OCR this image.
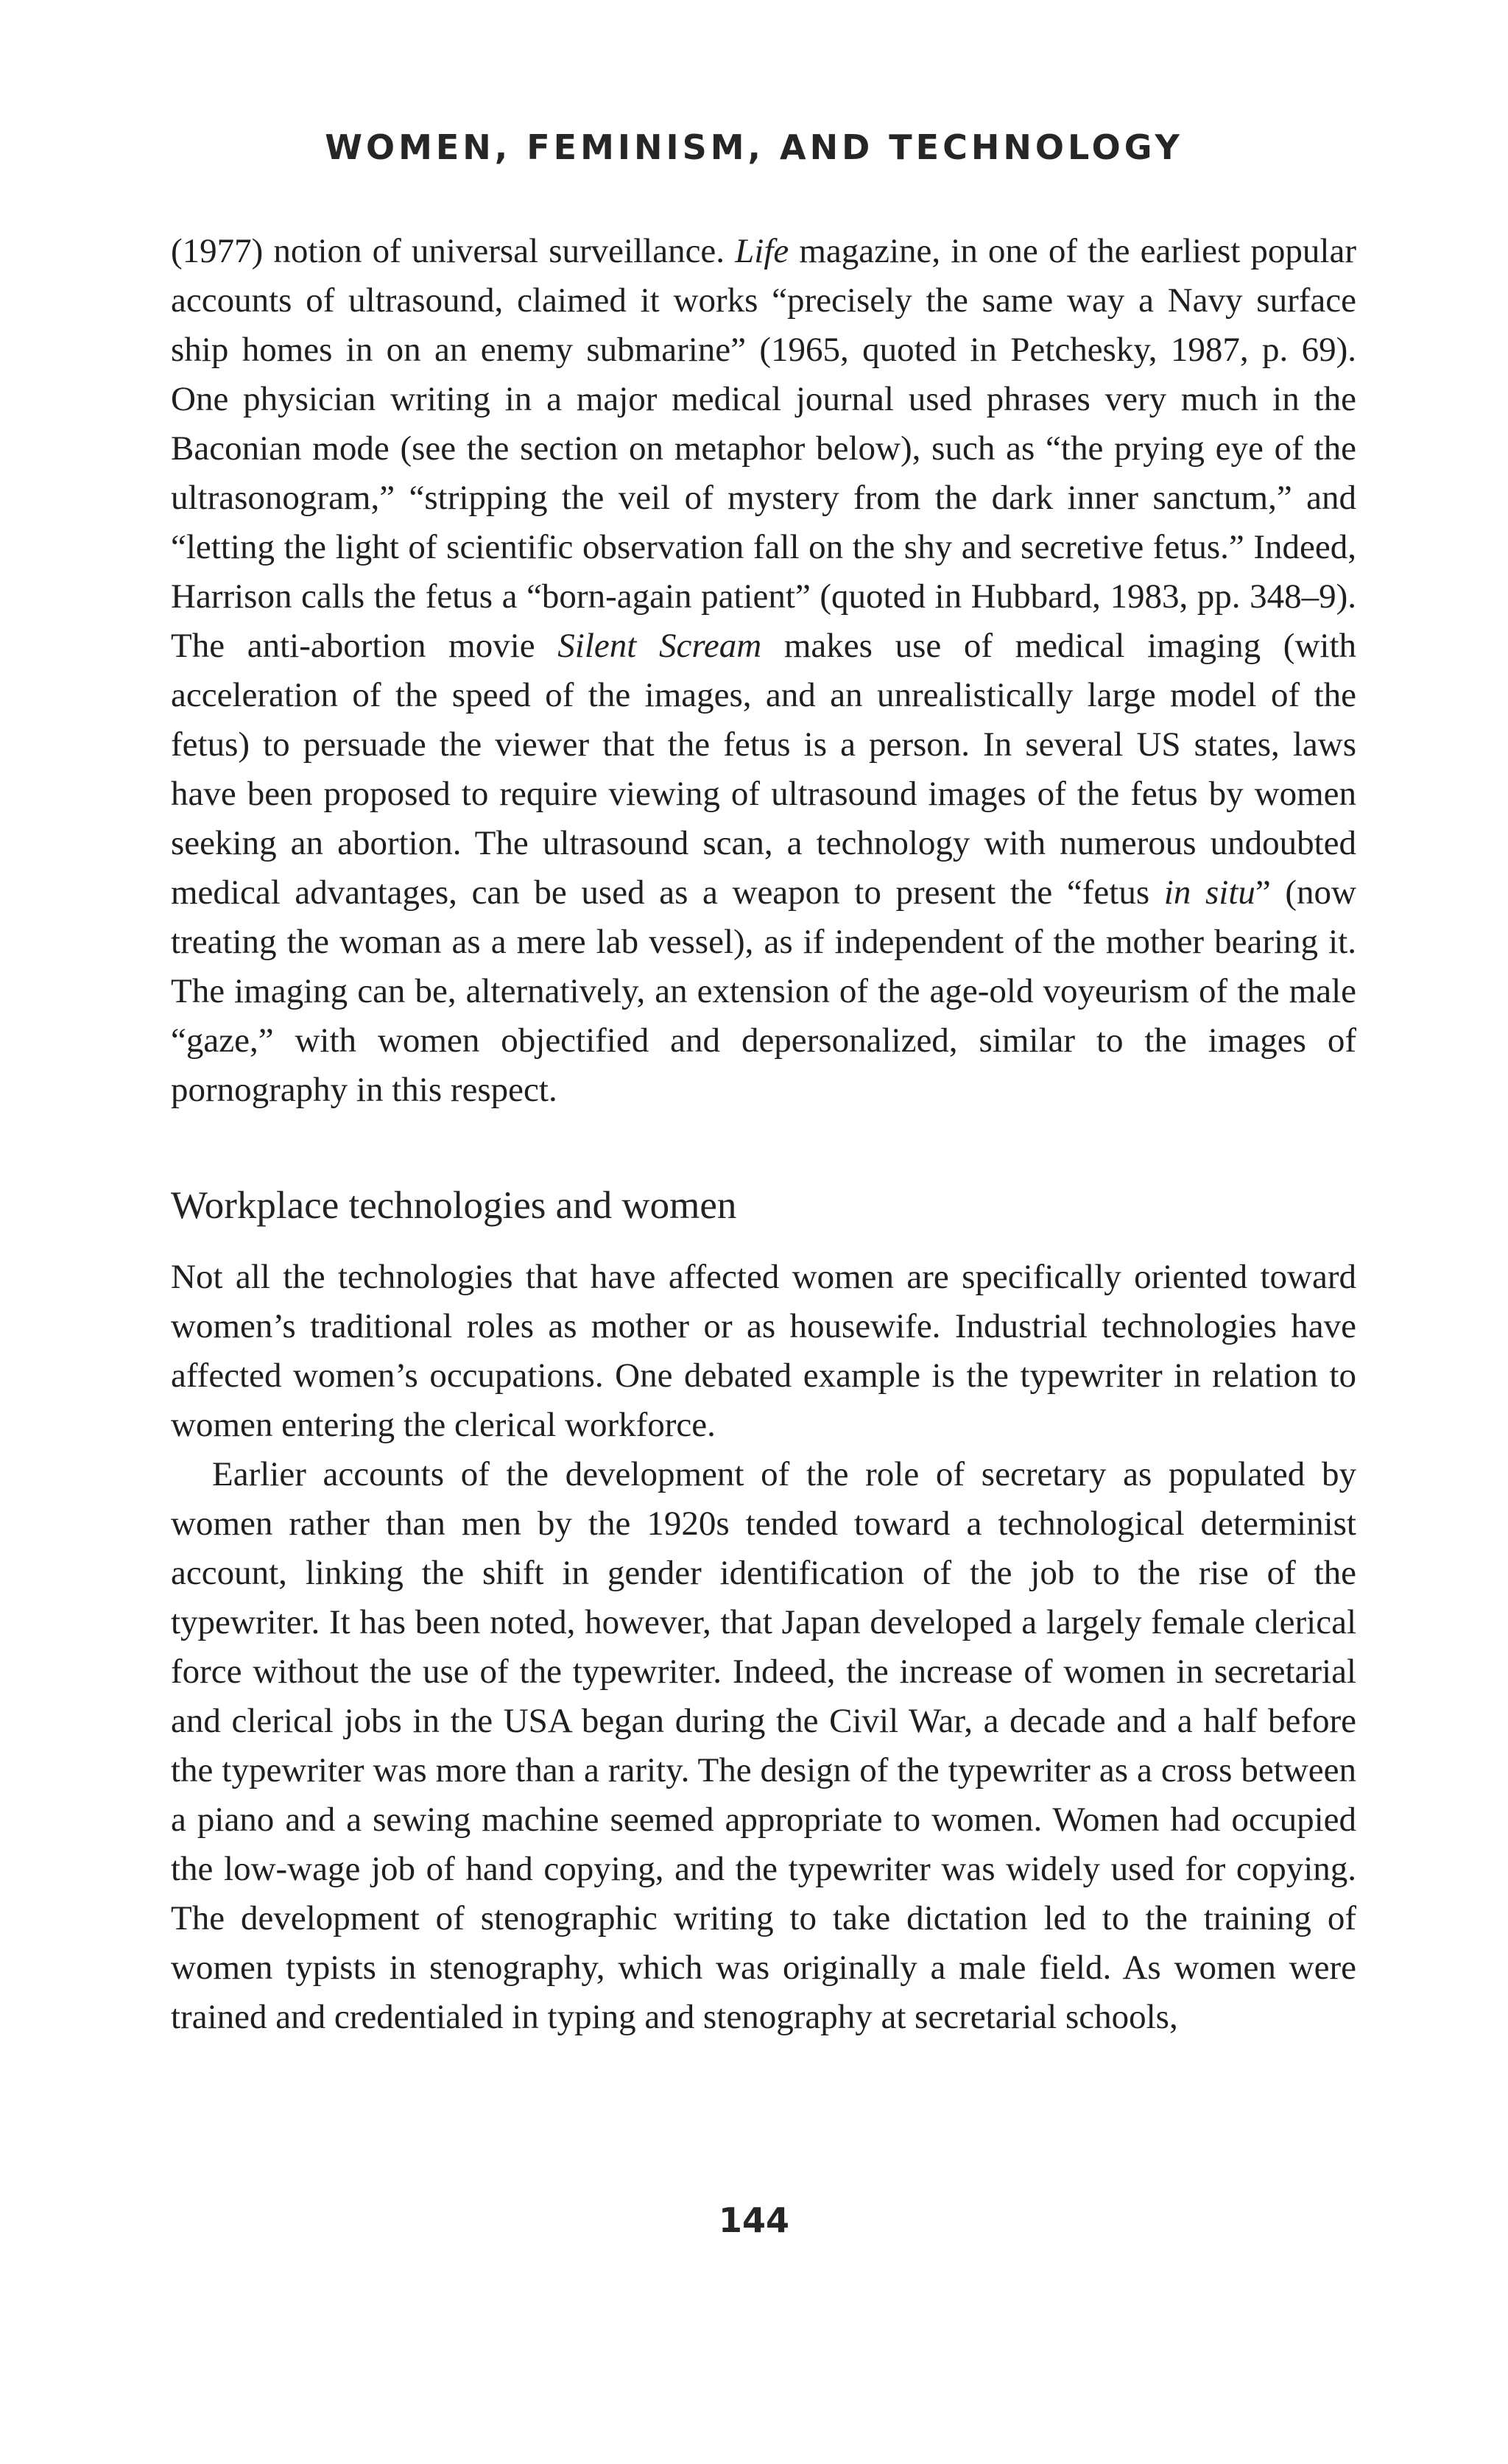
WOMEN, FEMINISM, AND TECHNOLOGY

(1977) notion of universal surveillance. Life magazine, in one of the earliest popular accounts of ultrasound, claimed it works “precisely the same way a Navy surface ship homes in on an enemy submarine” (1965, quoted in Petchesky, 1987, p. 69). One physician writing in a major medical journal used phrases very much in the Baconian mode (see the section on metaphor below), such as “the prying eye of the ultrasonogram,” “stripping the veil of mystery from the dark inner sanctum,” and “letting the light of scientific observation fall on the shy and secretive fetus.” Indeed, Harrison calls the fetus a “born-again patient” (quoted in Hubbard, 1983, pp. 348–9). The anti-abortion movie Silent Scream makes use of medical imaging (with acceleration of the speed of the images, and an unrealistically large model of the fetus) to persuade the viewer that the fetus is a person. In several US states, laws have been proposed to require viewing of ultrasound images of the fetus by women seeking an abortion. The ultrasound scan, a technology with numerous undoubted medical advantages, can be used as a weapon to present the “fetus in situ” (now treating the woman as a mere lab vessel), as if independent of the mother bearing it. The imaging can be, alternatively, an extension of the age-old voyeurism of the male “gaze,” with women objectified and depersonalized, similar to the images of pornography in this respect.

Workplace technologies and women

Not all the technologies that have affected women are specifically oriented toward women’s traditional roles as mother or as housewife. Industrial technologies have affected women’s occupations. One debated example is the typewriter in relation to women entering the clerical workforce.

Earlier accounts of the development of the role of secretary as populated by women rather than men by the 1920s tended toward a technological determinist account, linking the shift in gender identification of the job to the rise of the typewriter. It has been noted, however, that Japan developed a largely female clerical force without the use of the typewriter. Indeed, the increase of women in secretarial and clerical jobs in the USA began during the Civil War, a decade and a half before the typewriter was more than a rarity. The design of the typewriter as a cross between a piano and a sewing machine seemed appropriate to women. Women had occupied the low-wage job of hand copying, and the typewriter was widely used for copying. The development of stenographic writing to take dictation led to the training of women typists in stenography, which was originally a male field. As women were trained and credentialed in typing and stenography at secretarial schools,

144
